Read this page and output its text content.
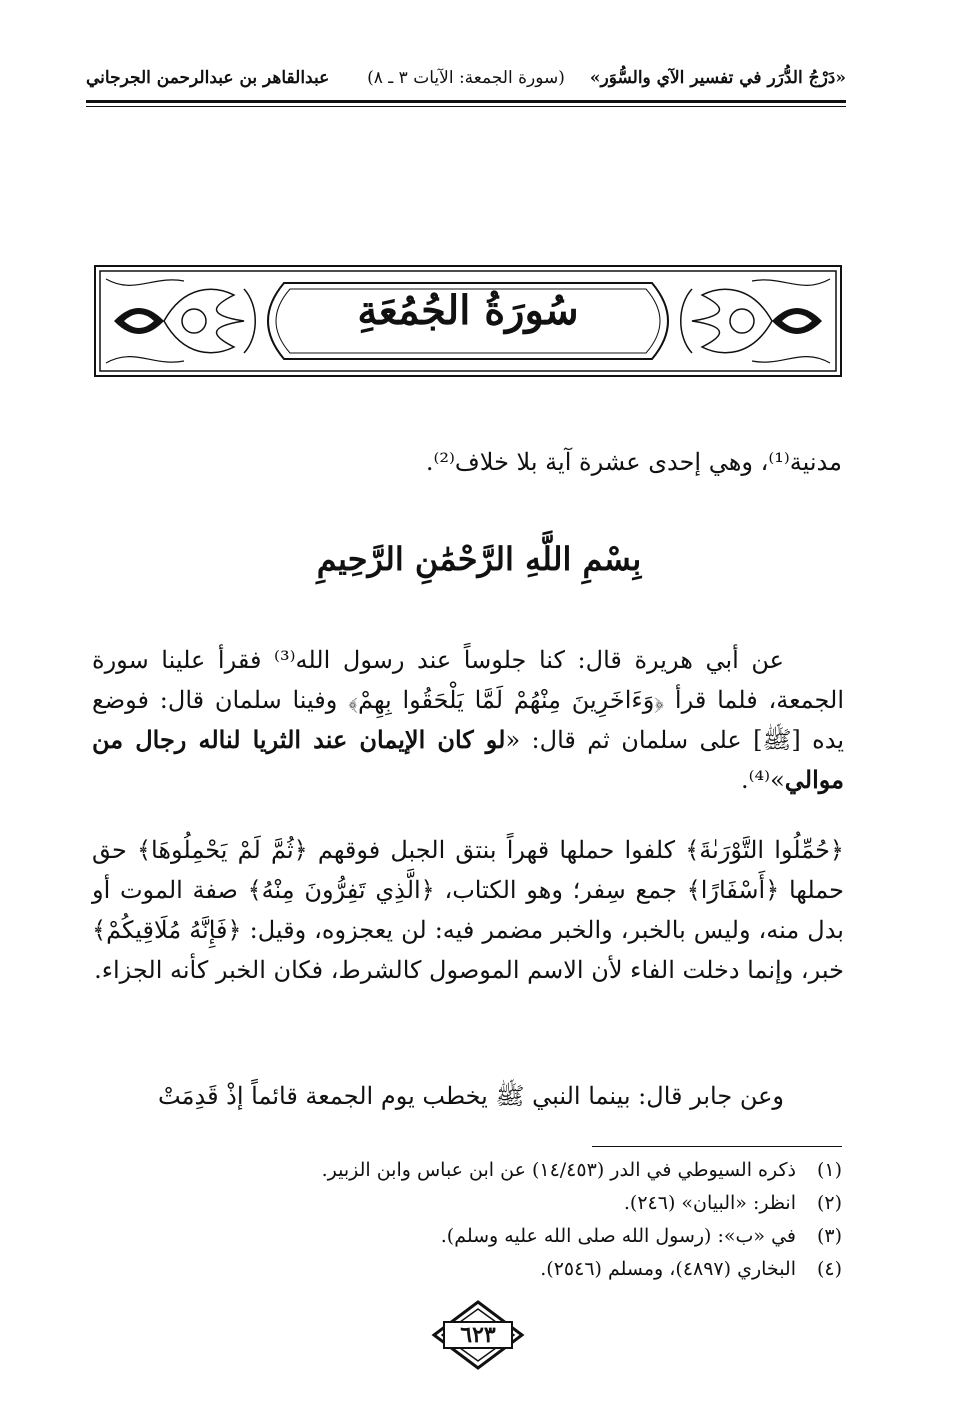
«دَرْجُ الدُّرَر في تفسير الآي والسُّوَر»
(سورة الجمعة: الآيات ٣ ـ ٨)
عبدالقاهر بن عبدالرحمن الجرجاني
سُورَةُ الجُمُعَةِ
مدنية⁽¹⁾، وهي إحدى عشرة آية بلا خلاف⁽²⁾.
بِسْمِ اللَّهِ الرَّحْمَٰنِ الرَّحِيمِ
عن أبي هريرة قال: كنا جلوساً عند رسول الله⁽³⁾ فقرأ علينا سورة الجمعة، فلما قرأ ﴿وَءَاخَرِينَ مِنْهُمْ لَمَّا يَلْحَقُوا بِهِمْ﴾ وفينا سلمان قال: فوضع يده [ﷺ] على سلمان ثم قال: «لو كان الإيمان عند الثريا لناله رجال من موالي»⁽⁴⁾.
﴿حُمِّلُوا التَّوْرَىٰةَ﴾ كلفوا حملها قهراً بنتق الجبل فوقهم ﴿ثُمَّ لَمْ يَحْمِلُوهَا﴾ حق حملها ﴿أَسْفَارًا﴾ جمع سِفر؛ وهو الكتاب، ﴿الَّذِي تَفِرُّونَ مِنْهُ﴾ صفة الموت أو بدل منه، وليس بالخبر، والخبر مضمر فيه: لن يعجزوه، وقيل: ﴿فَإِنَّهُ مُلَاقِيكُمْ﴾ خبر، وإنما دخلت الفاء لأن الاسم الموصول كالشرط، فكان الخبر كأنه الجزاء.
وعن جابر قال: بينما النبي ﷺ يخطب يوم الجمعة قائماً إذْ قَدِمَتْ
(١)ذكره السيوطي في الدر (١٤/٤٥٣) عن ابن عباس وابن الزبير.
(٢)انظر: «البيان» (٢٤٦).
(٣)في «ب»: (رسول الله صلى الله عليه وسلم).
(٤)البخاري (٤٨٩٧)، ومسلم (٢٥٤٦).
٦٢٣
